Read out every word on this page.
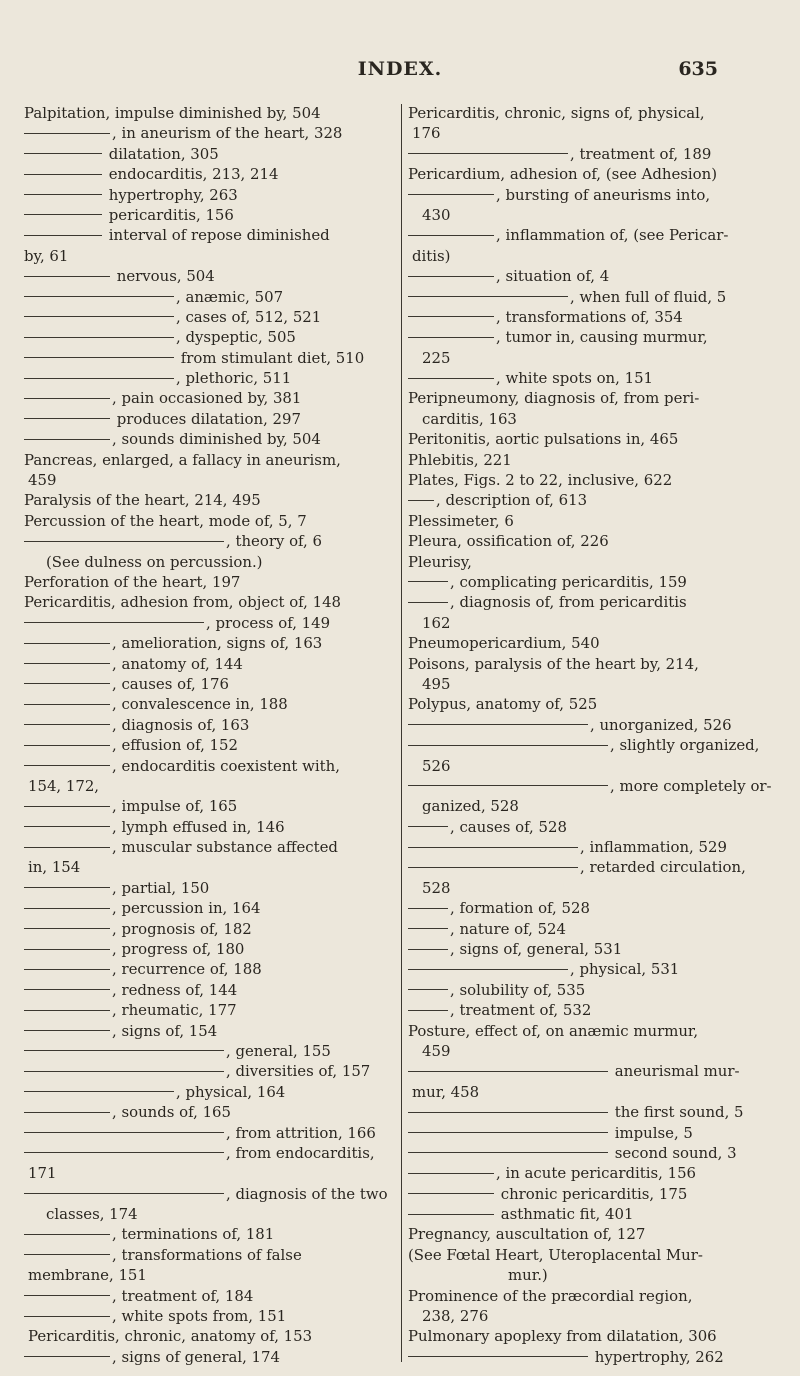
INDEX.	635
Palpitation, impulse diminished by, 504
, in aneurism of the heart, 328
dilatation, 305
endocarditis, 213, 214
hypertrophy, 263
pericarditis, 156
interval of repose diminished
by, 61
nervous, 504
, anæmic, 507
, cases of, 512, 521
, dyspeptic, 505
from stimulant diet, 510
, plethoric, 511
, pain occasioned by, 381
produces dilatation, 297
, sounds diminished by, 504
Pancreas, enlarged, a fallacy in aneurism,
459
Paralysis of the heart, 214, 495
Percussion of the heart, mode of, 5, 7
, theory of, 6
(See dulness on percussion.)
Perforation of the heart, 197
Pericarditis, adhesion from, object of, 148
, process of, 149
, amelioration, signs of, 163
, anatomy of, 144
, causes of, 176
, convalescence in, 188
, diagnosis of, 163
, effusion of, 152
, endocarditis coexistent with,
154, 172,
, impulse of, 165
, lymph effused in, 146
, muscular substance affected
in, 154
, partial, 150
, percussion in, 164
, prognosis of, 182
, progress of, 180
, recurrence of, 188
, redness of, 144
, rheumatic, 177
, signs of, 154
, general, 155
, diversities of, 157
, physical, 164
, sounds of, 165
, from attrition, 166
, from endocarditis,
171
, diagnosis of the two
classes, 174
, terminations of, 181
, transformations of false
membrane, 151
, treatment of, 184
, white spots from, 151
Pericarditis, chronic, anatomy of, 153
, signs of general, 174
Pericarditis, chronic, signs of, physical,
176
, treatment of, 189
Pericardium, adhesion of, (see Adhesion)
, bursting of aneurisms into,
430
, inflammation of, (see Pericar-
ditis)
, situation of, 4
, when full of fluid, 5
, transformations of, 354
, tumor in, causing murmur,
225
, white spots on, 151
Peripneumony, diagnosis of, from peri-
carditis, 163
Peritonitis, aortic pulsations in, 465
Phlebitis, 221
Plates, Figs. 2 to 22, inclusive, 622
, description of, 613
Plessimeter, 6
Pleura, ossification of, 226
Pleurisy,
, complicating pericarditis, 159
, diagnosis of, from pericarditis
162
Pneumopericardium, 540
Poisons, paralysis of the heart by, 214,
495
Polypus, anatomy of, 525
, unorganized, 526
, slightly organized,
526
, more completely or-
ganized, 528
, causes of, 528
, inflammation, 529
, retarded circulation,
528
, formation of, 528
, nature of, 524
, signs of, general, 531
, physical, 531
, solubility of, 535
, treatment of, 532
Posture, effect of, on anæmic murmur,
459
aneurismal mur-
mur, 458
the first sound, 5
impulse, 5
second sound, 3
, in acute pericarditis, 156
chronic pericarditis, 175
asthmatic fit, 401
Pregnancy, auscultation of, 127
(See Fœtal Heart, Uteroplacental Mur-
mur.)
Prominence of the præcordial region,
238, 276
Pulmonary apoplexy from dilatation, 306
hypertrophy, 262
